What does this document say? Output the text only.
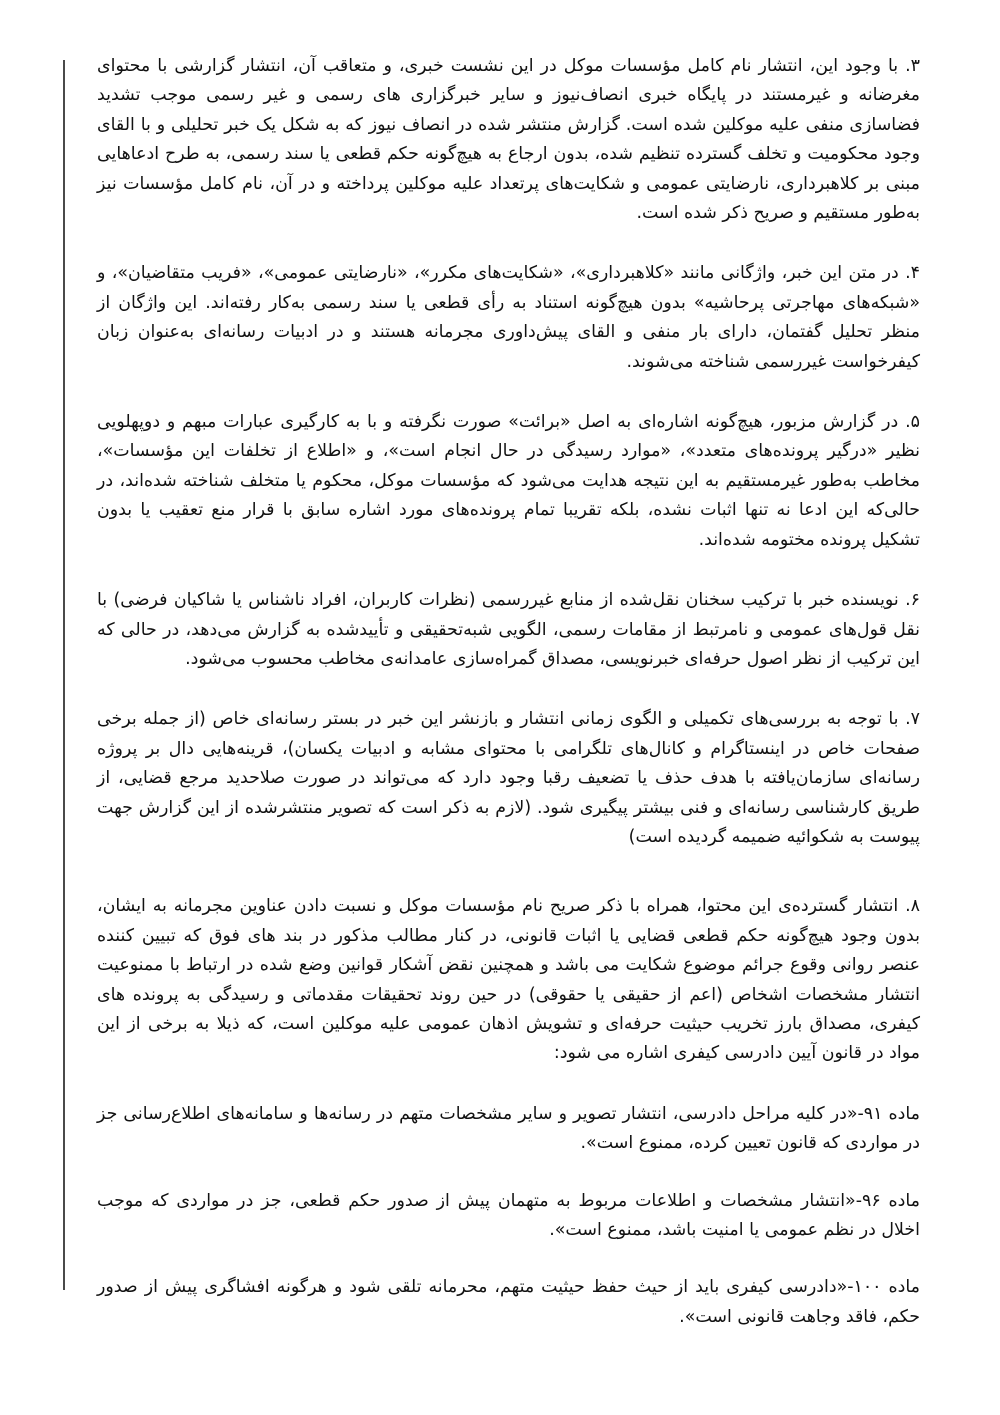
۳. با وجود این، انتشار نام کامل مؤسسات موکل در این نشست خبری، و متعاقب آن، انتشار گزارشی با محتوای مغرضانه و غیرمستند در پایگاه خبری انصاف‌نیوز و سایر خبرگزاری های رسمی و غیر رسمی موجب تشدید فضاسازی منفی علیه موکلین شده است. گزارش منتشر شده در انصاف نیوز که به شکل یک خبر تحلیلی و با القای وجود محکومیت و تخلف گسترده تنظیم شده، بدون ارجاع به هیچ‌گونه حکم قطعی یا سند رسمی، به طرح ادعاهایی مبنی بر کلاهبرداری، نارضایتی عمومی و شکایت‌های پرتعداد علیه موکلین پرداخته و در آن، نام کامل مؤسسات نیز به‌طور مستقیم و صریح ذکر شده است.

۴. در متن این خبر، واژگانی مانند «کلاهبرداری»، «شکایت‌های مکرر»، «نارضایتی عمومی»، «فریب متقاضیان»، و «شبکه‌های مهاجرتی پرحاشیه» بدون هیچ‌گونه استناد به رأی قطعی یا سند رسمی به‌کار رفته‌اند. این واژگان از منظر تحلیل گفتمان، دارای بار منفی و القای پیش‌داوری مجرمانه هستند و در ادبیات رسانه‌ای به‌عنوان زبان کیفرخواست غیررسمی شناخته می‌شوند.

۵. در گزارش مزبور، هیچ‌گونه اشاره‌ای به اصل «برائت» صورت نگرفته و با به کارگیری عبارات مبهم و دوپهلویی نظیر «درگیر پرونده‌های متعدد»، «موارد رسیدگی در حال انجام است»، و «اطلاع از تخلفات این مؤسسات»، مخاطب به‌طور غیرمستقیم به این نتیجه هدایت می‌شود که مؤسسات موکل، محکوم یا متخلف شناخته شده‌اند، در حالی‌که این ادعا نه تنها اثبات نشده، بلکه تقریبا تمام پرونده‌های مورد اشاره سابق با قرار منع تعقیب یا بدون تشکیل پرونده مختومه شده‌اند.

۶. نویسنده خبر با ترکیب سخنان نقل‌شده از منابع غیررسمی (نظرات کاربران، افراد ناشناس یا شاکیان فرضی) با نقل قول‌های عمومی و نامرتبط از مقامات رسمی، الگویی شبه‌تحقیقی و تأییدشده به گزارش می‌دهد، در حالی که این ترکیب از نظر اصول حرفه‌ای خبرنویسی، مصداق گمراه‌سازی عامدانه‌ی مخاطب محسوب می‌شود.

۷. با توجه به بررسی‌های تکمیلی و الگوی زمانی انتشار و بازنشر این خبر در بستر رسانه‌ای خاص (از جمله برخی صفحات خاص در اینستاگرام و کانال‌های تلگرامی با محتوای مشابه و ادبیات یکسان)، قرینه‌هایی دال بر پروژه رسانه‌ای سازمان‌یافته با هدف حذف یا تضعیف رقبا وجود دارد که می‌تواند در صورت صلاحدید مرجع قضایی، از طریق کارشناسی رسانه‌ای و فنی بیشتر پیگیری شود. (لازم به ذکر است که تصویر منتشرشده از این گزارش جهت پیوست به شکوائیه ضمیمه گردیده است)

۸. انتشار گسترده‌ی این محتوا، همراه با ذکر صریح نام مؤسسات موکل و نسبت دادن عناوین مجرمانه به ایشان، بدون وجود هیچ‌گونه حکم قطعی قضایی یا اثبات قانونی، در کنار مطالب مذکور در بند های فوق که تبیین کننده عنصر روانی وقوع جرائم موضوع شکایت می باشد و همچنین نقض آشکار قوانین وضع شده در ارتباط با ممنوعیت انتشار مشخصات اشخاص (اعم از حقیقی یا حقوقی) در حین روند تحقیقات مقدماتی و رسیدگی به پرونده های کیفری، مصداق بارز تخریب حیثیت حرفه‌ای و تشویش اذهان عمومی علیه موکلین است، که ذیلا به برخی از این مواد در قانون آیین دادرسی کیفری اشاره می شود:

ماده ۹۱-«در کلیه مراحل دادرسی، انتشار تصویر و سایر مشخصات متهم در رسانه‌ها و سامانه‌های اطلاع‌رسانی جز در مواردی که قانون تعیین کرده، ممنوع است».

ماده ۹۶-«انتشار مشخصات و اطلاعات مربوط به متهمان پیش از صدور حکم قطعی، جز در مواردی که موجب اخلال در نظم عمومی یا امنیت باشد، ممنوع است».

ماده ۱۰۰-«دادرسی کیفری باید از حیث حفظ حیثیت متهم، محرمانه تلقی شود و هرگونه افشاگری پیش از صدور حکم، فاقد وجاهت قانونی است».
